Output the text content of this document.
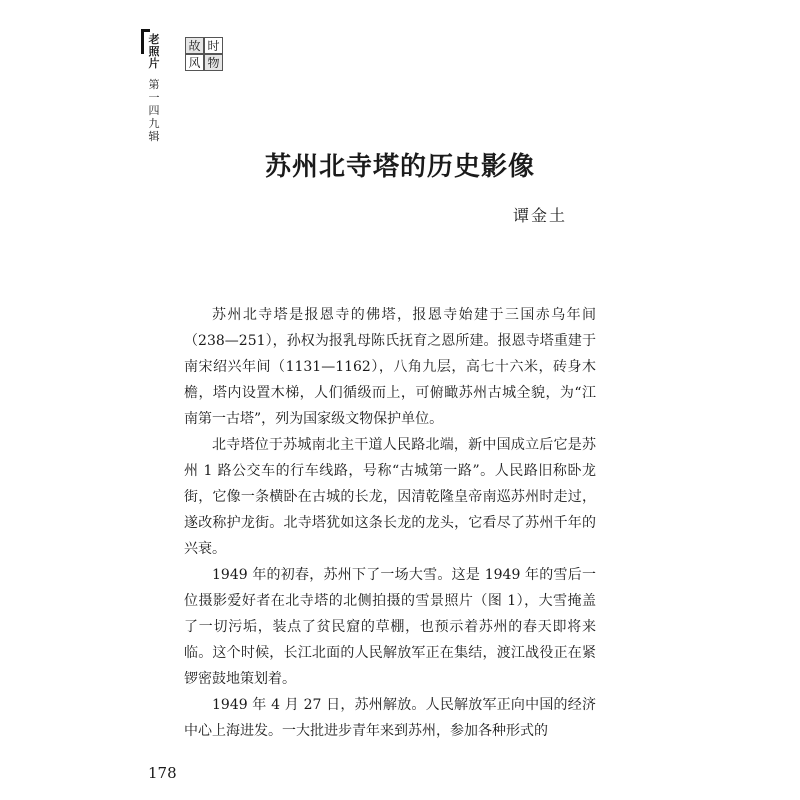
老
照
片
第
一
四
九
辑
故 时
风 物
苏州北寺塔的历史影像
谭金土

苏州北寺塔是报恩寺的佛塔，报恩寺始建于三国赤乌年间（238—251），孙权为报乳母陈氏抚育之恩所建。报恩寺塔重建于南宋绍兴年间（1131—1162），八角九层，高七十六米，砖身木檐，塔内设置木梯，人们循级而上，可俯瞰苏州古城全貌，为“江南第一古塔”，列为国家级文物保护单位。

北寺塔位于苏城南北主干道人民路北端，新中国成立后它是苏州 1 路公交车的行车线路，号称“古城第一路”。人民路旧称卧龙街，它像一条横卧在古城的长龙，因清乾隆皇帝南巡苏州时走过，遂改称护龙街。北寺塔犹如这条长龙的龙头，它看尽了苏州千年的兴衰。

1949 年的初春，苏州下了一场大雪。这是 1949 年的雪后一位摄影爱好者在北寺塔的北侧拍摄的雪景照片（图 1），大雪掩盖了一切污垢，装点了贫民窟的草棚，也预示着苏州的春天即将来临。这个时候，长江北面的人民解放军正在集结，渡江战役正在紧锣密鼓地策划着。

1949 年 4 月 27 日，苏州解放。人民解放军正向中国的经济中心上海进发。一大批进步青年来到苏州，参加各种形式的

178
